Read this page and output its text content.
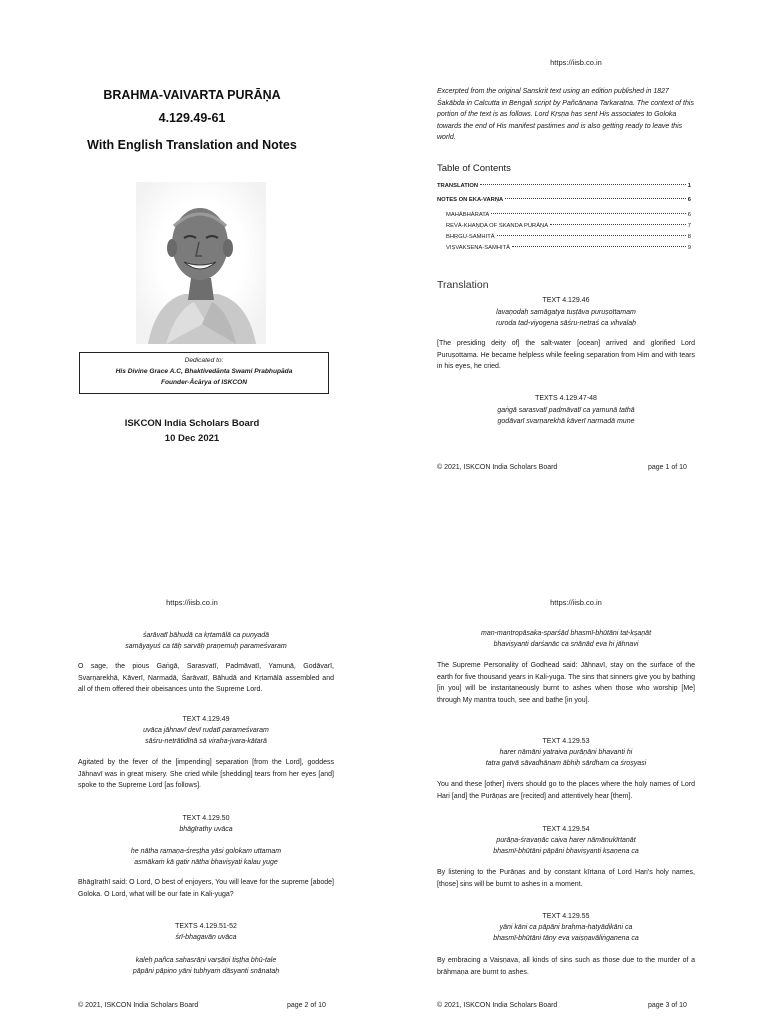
BRAHMA-VAIVARTA PURĀṆA
4.129.49-61
With English Translation and Notes
Dedicated to:
His Divine Grace A.C, Bhaktivedānta Swami Prabhupāda
Founder-Ācārya of ISKCON
ISKCON India Scholars Board
10 Dec 2021
https://iisb.co.in
© 2021, ISKCON India Scholars Board	page 1 of 10
Excerpted from the original Sanskrit text using an edition published in 1827 Śakābda in Calcutta in Bengali script by Pañcānana Tarkaratna. The context of this portion of the text is as follows. Lord Kṛṣṇa has sent His associates to Goloka towards the end of His manifest pastimes and is also getting ready to leave this world.
Table of Contents
TRANSLATION	1
NOTES ON EKA-VARṆA	6
MAHĀBHĀRATA	6
REVĀ-KHAṆḌA OF SKANDA PURĀṆA	7
BHṚGU-SAṀHITĀ	8
VIṢVAKSENA-SAṀHITĀ	9
Translation
TEXT 4.129.46
lavaṇodaḥ samāgatya tuṣṭāva puruṣottamam
ruroda tad-viyogena sāśru-netraś ca vihvalaḥ
[The presiding deity of] the salt-water [ocean] arrived and glorified Lord Puruṣottama. He became helpless while feeling separation from Him and with tears in his eyes, he cried.
TEXTS 4.129.47-48
gaṅgā sarasvatī padmāvatī ca yamunā tathā
godāvarī svarṇarekhā kāverī narmadā mune
https://iisb.co.in
© 2021, ISKCON India Scholars Board	page 2 of 10
śarāvatī bāhudā ca kṛtamālā ca puṇyadā
samāyayuś ca tāḥ sarvāḥ praṇemuḥ parameśvaram
O sage, the pious Gaṅgā, Sarasvatī, Padmāvatī, Yamunā, Godāvarī, Svarṇarekhā, Kāverī, Narmadā, Śarāvatī, Bāhudā and Kṛtamālā assembled and all of them offered their obeisances unto the Supreme Lord.
TEXT 4.129.49
uvāca jāhnavī devī rudatī parameśvaram
sāśru-netrātidīnā sā viraha-jvara-kātarā
Agitated by the fever of the [impending] separation [from the Lord], goddess Jāhnavī was in great misery. She cried while [shedding] tears from her eyes [and] spoke to the Supreme Lord [as follows].
TEXT 4.129.50
bhāgīrathy uvāca
he nātha ramaṇa-śreṣṭha yāsi golokam uttamam
asmākaṁ kā gatir nātha bhaviṣyati kalau yuge
Bhāgīrathī said: O Lord, O best of enjoyers, You will leave for the supreme [abode] Goloka. O Lord, what will be our fate in Kali-yuga?
TEXTS 4.129.51-52
śrī-bhagavān uvāca
kaleḥ pañca sahasrāṇi varṣāṇi tiṣṭha bhū-tale
pāpāni pāpino yāni tubhyaṁ dāsyanti snānataḥ
https://iisb.co.in
© 2021, ISKCON India Scholars Board	page 3 of 10
man-mantropāsaka-sparśād bhasmī-bhūtāni tat-kṣaṇāt
bhaviṣyanti darśanāc ca snānād eva hi jāhnavi
The Supreme Personality of Godhead said: Jāhnavī, stay on the surface of the earth for five thousand years in Kali-yuga. The sins that sinners give you by bathing [in you] will be instantaneously burnt to ashes when those who worship [Me] through My mantra touch, see and bathe [in you].
TEXT 4.129.53
harer nāmāni yatraiva purāṇāni bhavanti hi
tatra gatvā sāvadhānam ābhiḥ sārdham ca śroṣyasi
You and these [other] rivers should go to the places where the holy names of Lord Hari [and] the Purāṇas are [recited] and attentively hear [them].
TEXT 4.129.54
purāṇa-śravaṇāc caiva harer nāmānukīrtanāt
bhasmī-bhūtāni pāpāni bhaviṣyanti kṣaṇena ca
By listening to the Purāṇas and by constant kīrtana of Lord Hari's holy names, [those] sins will be burnt to ashes in a moment.
TEXT 4.129.55
yāni kāni ca pāpāni brahma-hatyādikāni ca
bhasmī-bhūtāni tāny eva vaiṣṇavāliṅganena ca
By embracing a Vaiṣṇava, all kinds of sins such as those due to the murder of a brāhmaṇa are burnt to ashes.
